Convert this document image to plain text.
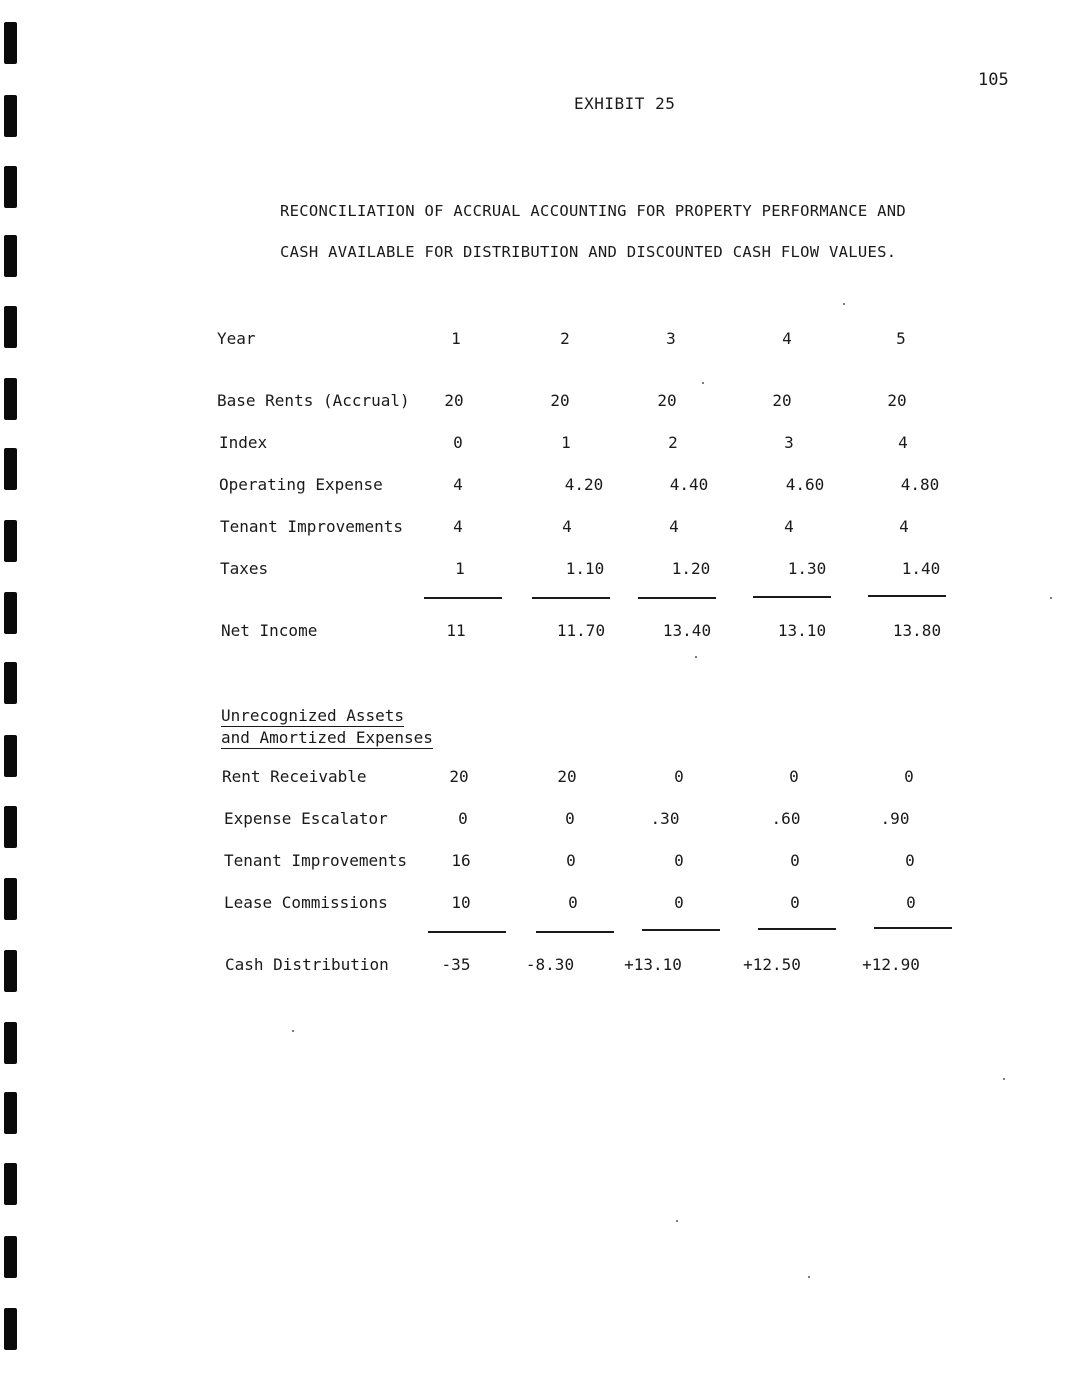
105
EXHIBIT 25
RECONCILIATION OF ACCRUAL ACCOUNTING FOR PROPERTY PERFORMANCE AND
CASH AVAILABLE FOR DISTRIBUTION AND DISCOUNTED CASH FLOW VALUES.
Year	1	2	3	4	5
Base Rents (Accrual)	20	20	20	20	20
Index	0	1	2	3	4
Operating Expense	4	4.20	4.40	4.60	4.80
Tenant Improvements	4	4	4	4	4
Taxes	1	1.10	1.20	1.30	1.40
Net Income	11	11.70	13.40	13.10	13.80
Unrecognized Assets
and Amortized Expenses
Rent Receivable	20	20	0	0	0
Expense Escalator	0	0	.30	.60	.90
Tenant Improvements	16	0	0	0	0
Lease Commissions	10	0	0	0	0
Cash Distribution	-35	-8.30	+13.10	+12.50	+12.90
